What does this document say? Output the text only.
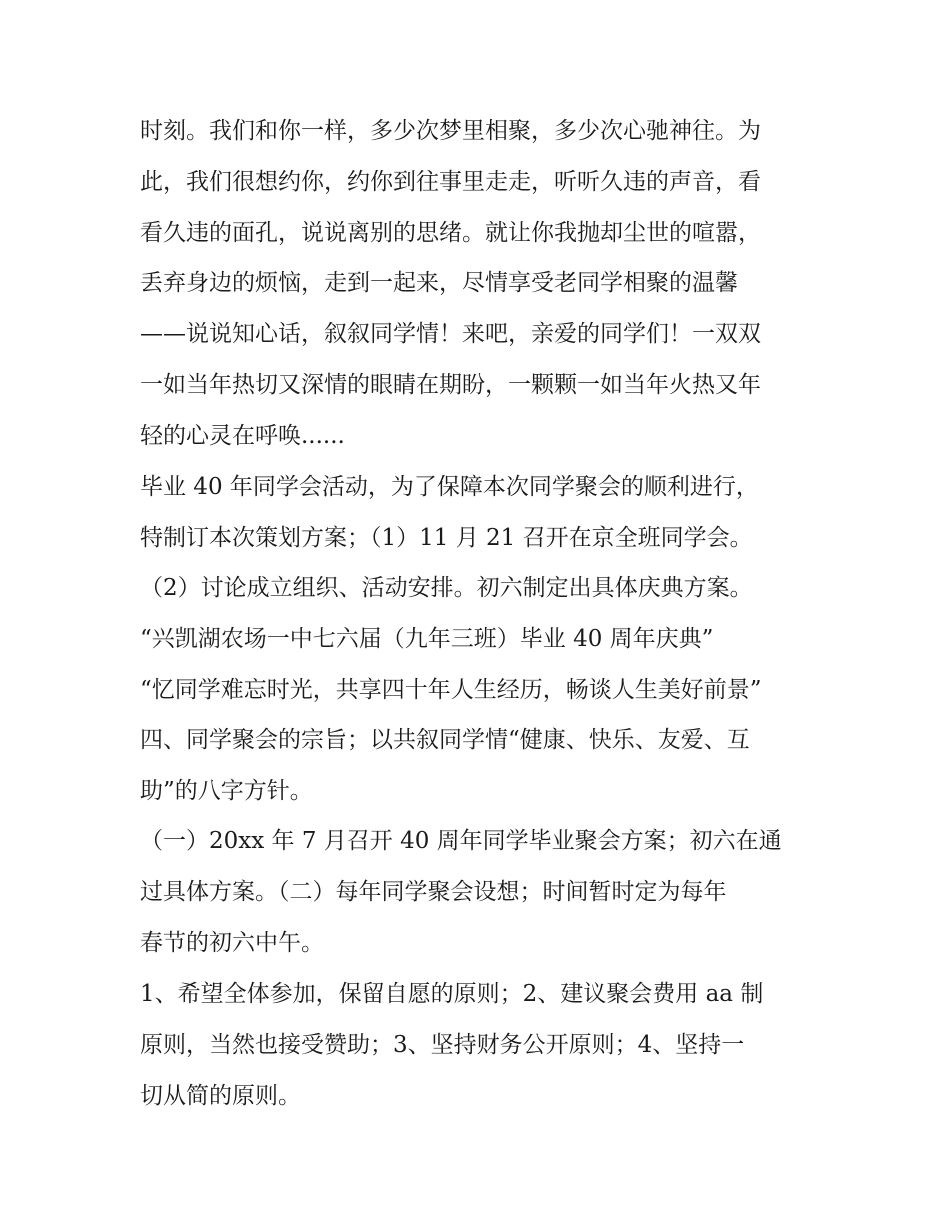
时刻。我们和你一样，多少次梦里相聚，多少次心驰神往。为
此，我们很想约你，约你到往事里走走，听听久违的声音，看
看久违的面孔，说说离别的思绪。就让你我抛却尘世的喧嚣，
丢弃身边的烦恼，走到一起来，尽情享受老同学相聚的温馨
——说说知心话，叙叙同学情！来吧，亲爱的同学们！一双双
一如当年热切又深情的眼睛在期盼，一颗颗一如当年火热又年
轻的心灵在呼唤......
毕业 40 年同学会活动，为了保障本次同学聚会的顺利进行，
特制订本次策划方案；（1）11 月 21 召开在京全班同学会。
（2）讨论成立组织、活动安排。初六制定出具体庆典方案。
“兴凯湖农场一中七六届（九年三班）毕业 40 周年庆典”
“忆同学难忘时光，共享四十年人生经历，畅谈人生美好前景”
四、同学聚会的宗旨；以共叙同学情“健康、快乐、友爱、互
助”的八字方针。
（一）20xx 年 7 月召开 40 周年同学毕业聚会方案；初六在通
过具体方案。（二）每年同学聚会设想；时间暂时定为每年
春节的初六中午。
1、希望全体参加，保留自愿的原则；2、建议聚会费用 aa 制
原则，当然也接受赞助；3、坚持财务公开原则；4、坚持一
切从简的原则。
